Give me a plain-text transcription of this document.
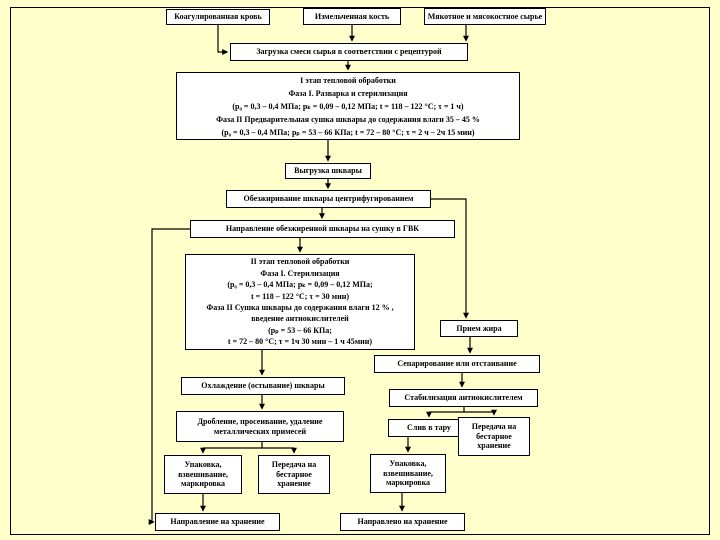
Коагулированная кровь	Измельченная кость	Мякотное и мясокостное сырье
Загрузка смеси сырья в соответствии с рецептурой
I этап тепловой обработки
Фаза I. Разварка и стерилизация
(р₀ = 0,3 – 0,4 МПа; рₖ = 0,09 – 0,12 МПа; t = 118 – 122 °С; τ = 1 ч)
Фаза II Предварительная сушка шквары до содержания влаги 35 – 45 %
(р₀ = 0,3 – 0,4 МПа; рₚ = 53 – 66 КПа; t = 72 – 80 °С; τ = 2 ч – 2ч 15 мин)
Выгрузка шквары
Обезжиривание шквары центрифугированием
Направление обезжиренной шквары на сушку в ГВК
II этап тепловой обработки
Фаза I. Стерилизация
(р₀ = 0,3 – 0,4 МПа; рₖ = 0,09 – 0,12 МПа;
t = 118 – 122 °С; τ = 30 мин)
Фаза II Сушка шквары до содержания влаги 12 % ,
введение антиокислителей
(рₚ = 53 – 66 КПа;
t = 72 – 80 °С; τ = 1ч 30 мин – 1 ч 45мин)
Прием жира
Сепарирование или отстаивание
Стабилизация антиокислителем
Слив в тару	Передача на бестарное хранение
Упаковка, взвешивание, маркировка
Направлено на хранение
Охлаждение (остывание) шквары
Дробление, просеивание, удаление металлических примесей
Упаковка, взвешивание, маркировка
Передача на бестарное хранение
Направление на хранение
